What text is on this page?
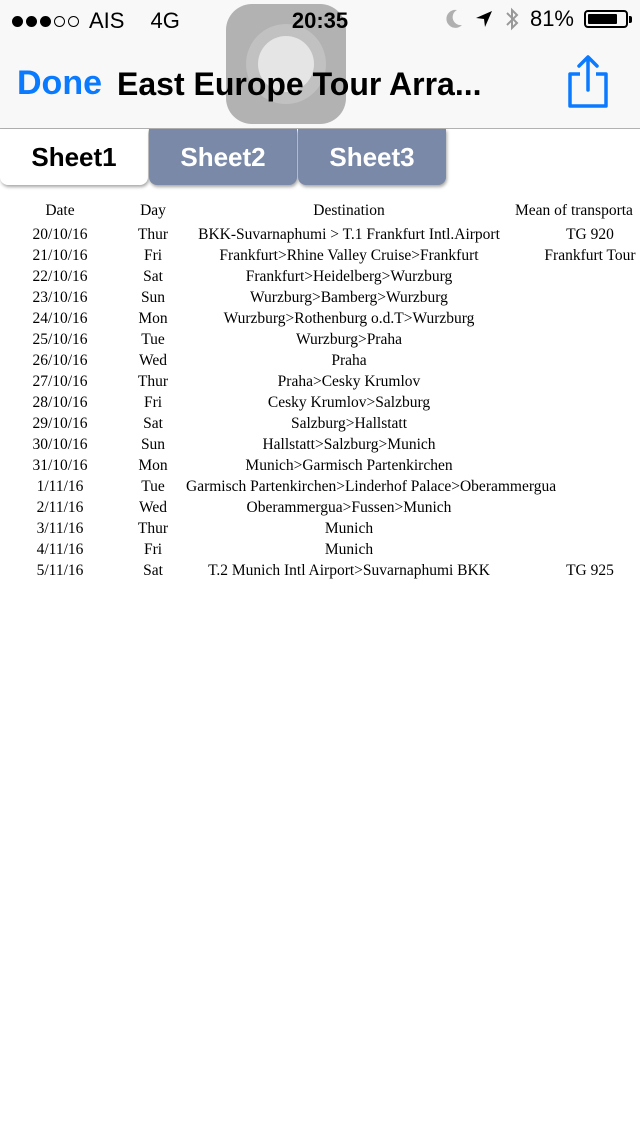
AIS 4G	20:35	81%
Done East Europe Tour Arra...
Sheet1	Sheet2	Sheet3
Date	Day	Destination	Mean of transporta
20/10/16	Thur	BKK-Suvarnaphumi > T.1 Frankfurt Intl.Airport	TG 920
21/10/16	Fri	Frankfurt>Rhine Valley Cruise>Frankfurt	Frankfurt Tour
22/10/16	Sat	Frankfurt>Heidelberg>Wurzburg
23/10/16	Sun	Wurzburg>Bamberg>Wurzburg
24/10/16	Mon	Wurzburg>Rothenburg o.d.T>Wurzburg
25/10/16	Tue	Wurzburg>Praha
26/10/16	Wed	Praha
27/10/16	Thur	Praha>Cesky Krumlov
28/10/16	Fri	Cesky Krumlov>Salzburg
29/10/16	Sat	Salzburg>Hallstatt
30/10/16	Sun	Hallstatt>Salzburg>Munich
31/10/16	Mon	Munich>Garmisch Partenkirchen
1/11/16	Tue	Garmisch Partenkirchen>Linderhof Palace>Oberammergua
2/11/16	Wed	Oberammergua>Fussen>Munich
3/11/16	Thur	Munich
4/11/16	Fri	Munich
5/11/16	Sat	T.2 Munich Intl Airport>Suvarnaphumi BKK	TG 925
